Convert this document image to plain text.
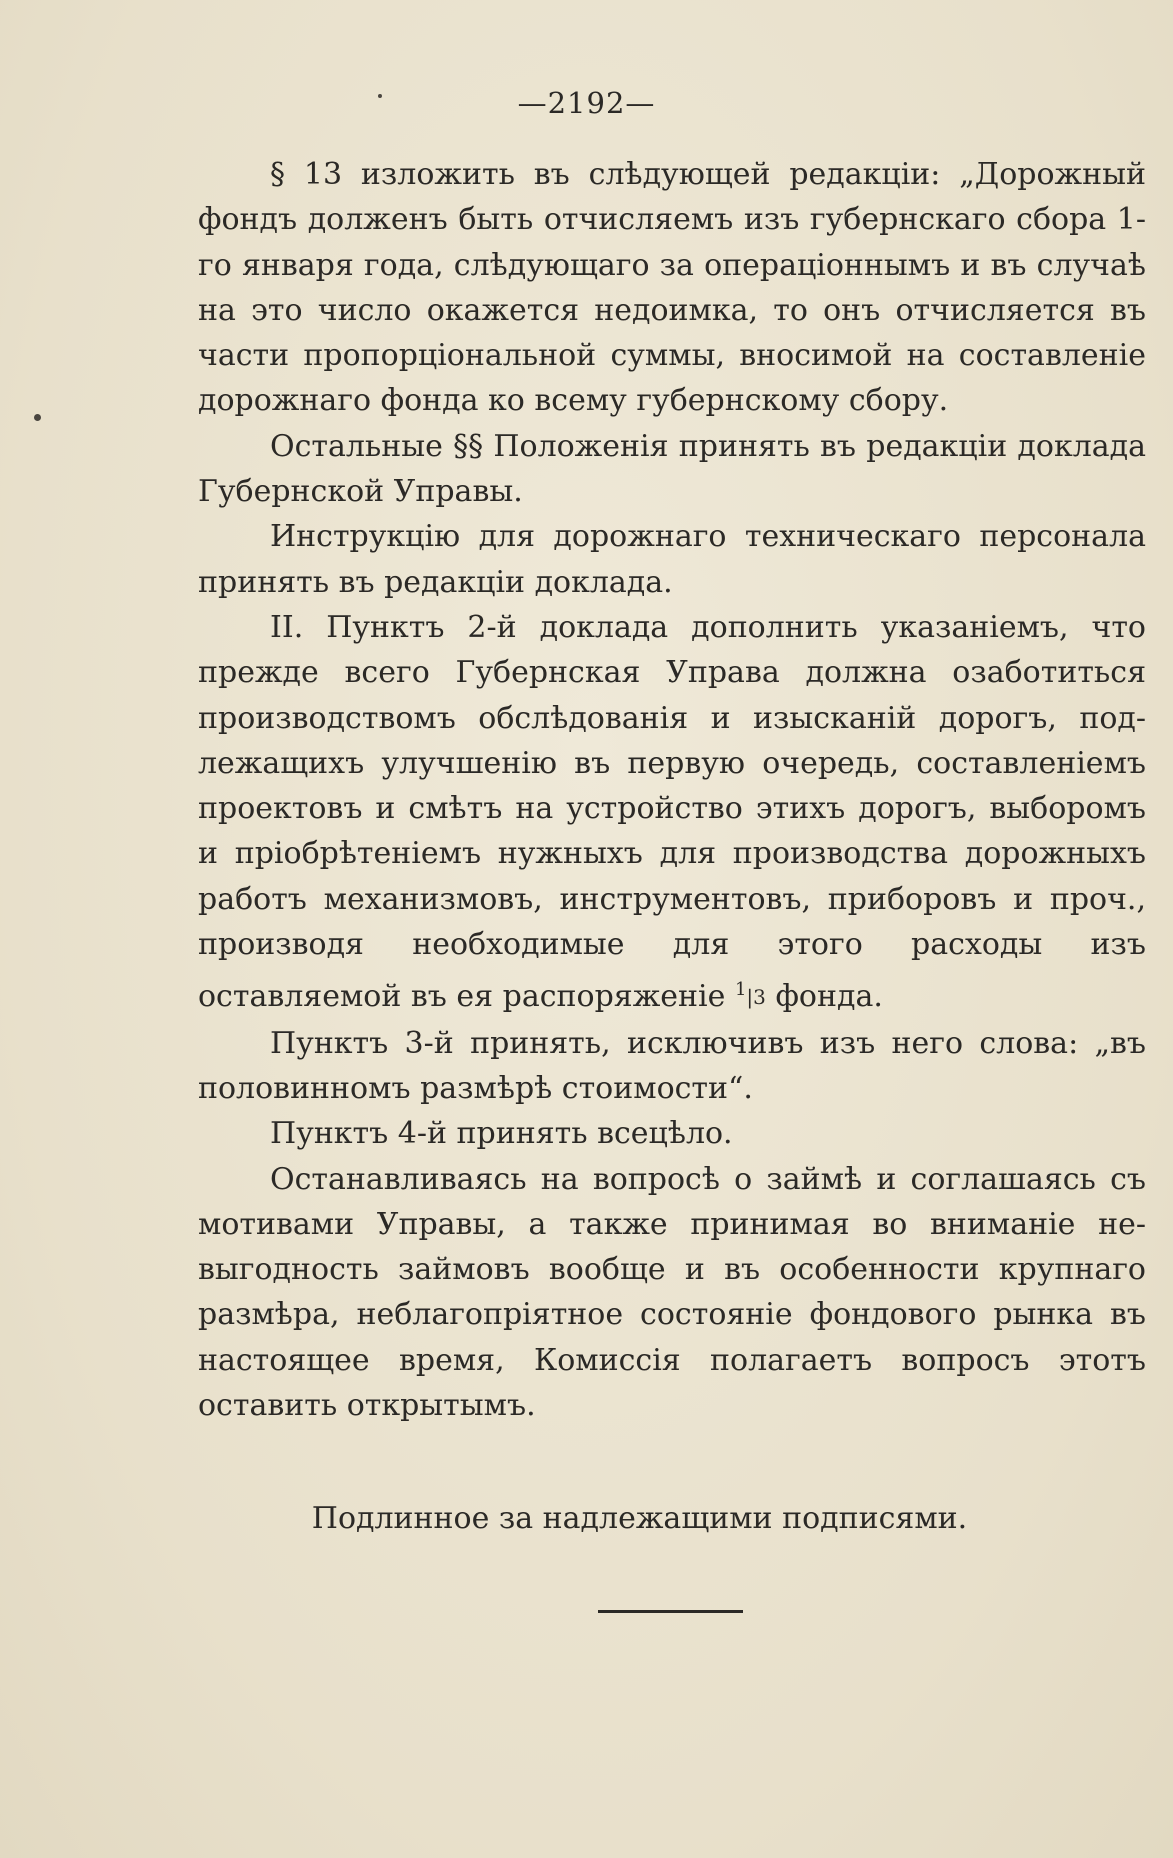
—2192—

§ 13 изложить въ слѣдующей редакціи: „Дорожный фондъ долженъ быть отчисляемъ изъ губернскаго сбора 1-го января года, слѣдующаго за операціоннымъ и въ случаѣ на это число окажется недоимка, то онъ отчисляется въ части пропорціональной суммы, вносимой на составленіе дорожнаго фонда ко всему губернскому сбору.

Остальные §§ Положенія принять въ редакціи доклада Губернской Управы.

Инструкцію для дорожнаго техническаго персонала принять въ редакціи доклада.

II. Пунктъ 2-й доклада дополнить указаніемъ, что прежде всего Губернская Управа должна озаботиться производствомъ обслѣдованія и изысканій дорогъ, подлежащихъ улучшенію въ первую очередь, составленіемъ проектовъ и смѣтъ на устройство этихъ дорогъ, выборомъ и пріобрѣтеніемъ нужныхъ для производства дорожныхъ работъ механизмовъ, инструментовъ, приборовъ и проч., производя необходимые для этого расходы изъ оставляемой въ ея распоряженіе $^1$|3 фонда.

Пунктъ 3-й принять, исключивъ изъ него слова: „въ половинномъ размѣрѣ стоимости“.

Пунктъ 4-й принять всецѣло.

Останавливаясь на вопросѣ о займѣ и соглашаясь съ мотивами Управы, а также принимая во вниманіе невыгодность займовъ вообще и въ особенности крупнаго размѣра, неблагопріятное состояніе фондового рынка въ настоящее время, Комиссія полагаетъ вопросъ этотъ оставить открытымъ.

Подлинное за надлежащими подписями.
